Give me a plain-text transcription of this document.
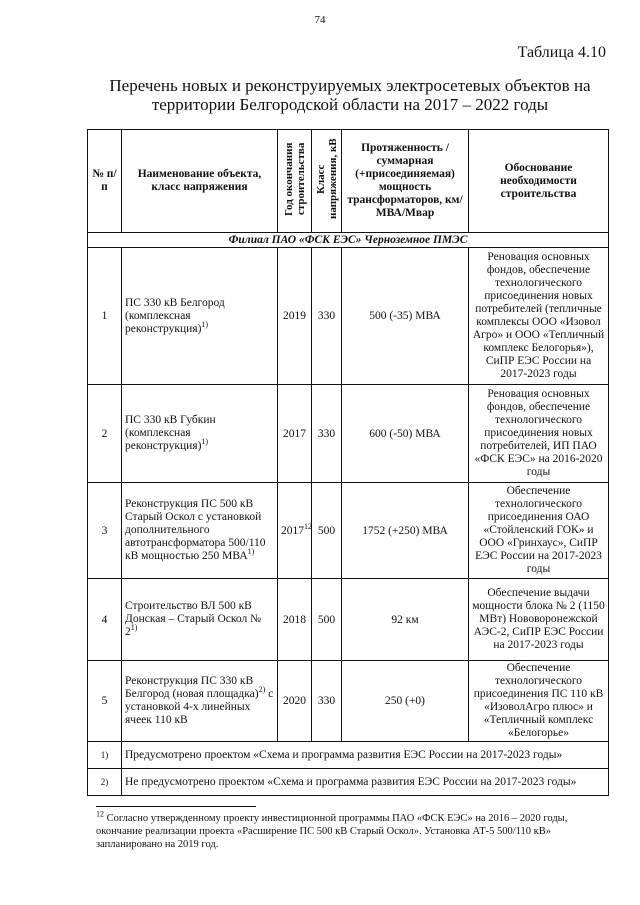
74
Таблица 4.10
Перечень новых и реконструируемых электросетевых объектов на территории Белгородской области на 2017 – 2022 годы
№ п/п	Наименование объекта, класс напряжения	Год окончания строительства	Класс напряжения, кВ	Протяженность / суммарная (+присоединяемая) мощность трансформаторов, км/МВА/Мвар	Обоснование необходимости строительства
Филиал ПАО «ФСК ЕЭС» Черноземное ПМЭС					
1	ПС 330 кВ Белгород (комплексная реконструкция)$^{1)}$	2019	330	500 (-35) МВА	Реновация основных фондов, обеспечение технологического присоединения новых потребителей (тепличные комплексы ООО «Изовол Агро» и ООО «Тепличный комплекс Белогорья»), СиПР ЕЭС России на 2017-2023 годы
2	ПС 330 кВ Губкин (комплексная реконструкция)$^{1)}$	2017	330	600 (-50) МВА	Реновация основных фондов, обеспечение технологического присоединения новых потребителей, ИП ПАО «ФСК ЕЭС» на 2016-2020 годы
3	Реконструкция ПС 500 кВ Старый Оскол с установкой дополнительного автотрансформатора 500/110 кВ мощностью 250 МВА$^{1)}$	2017$^{12}$	500	1752 (+250) МВА	Обеспечение технологического присоединения ОАО «Стойленский ГОК» и ООО «Гринхаус», СиПР ЕЭС России на 2017-2023 годы
4	Строительство ВЛ 500 кВ Донская – Старый Оскол № 2$^{1)}$	2018	500	92 км	Обеспечение выдачи мощности блока № 2 (1150 МВт) Нововоронежской АЭС-2, СиПР ЕЭС России на 2017-2023 годы
5	Реконструкция ПС 330 кВ Белгород (новая площадка)$^{2)}$ с установкой 4-х линейных ячеек 110 кВ	2020	330	250 (+0)	Обеспечение технологического присоединения ПС 110 кВ «ИзоволАгро плюс» и «Тепличный комплекс «Белогорье»
1)	Предусмотрено проектом «Схема и программа развития ЕЭС России на 2017-2023 годы»				
2)	Не предусмотрено проектом «Схема и программа развития ЕЭС России на 2017-2023 годы»				
$^{12}$ Согласно утвержденному проекту инвестиционной программы ПАО «ФСК ЕЭС» на 2016 – 2020 годы, окончание реализации проекта «Расширение ПС 500 кВ Старый Оскол». Установка АТ-5 500/110 кВ» запланировано на 2019 год.
